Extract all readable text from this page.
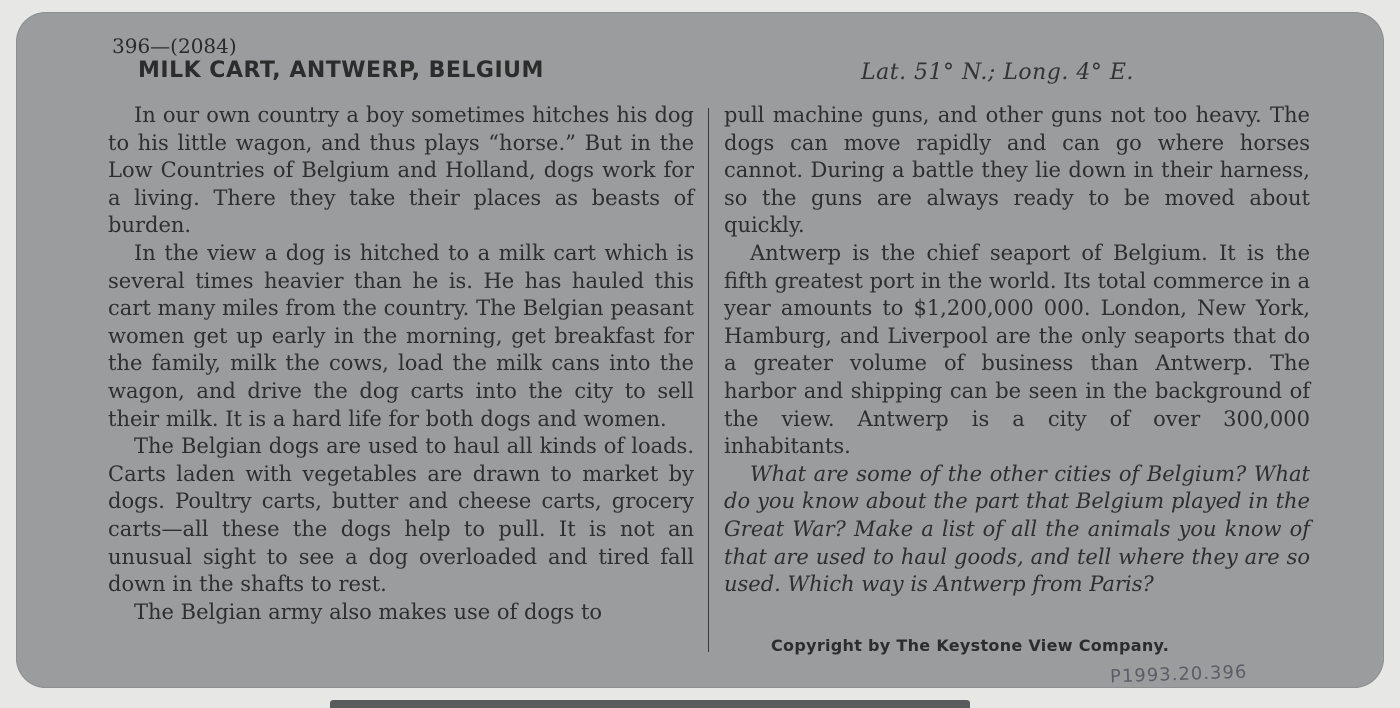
396—(2084)
MILK CART, ANTWERP, BELGIUM	Lat. 51° N.; Long. 4° E.

In our own country a boy sometimes hitches his dog to his little wagon, and thus plays “horse.” But in the Low Countries of Belgium and Holland, dogs work for a living. There they take their places as beasts of burden.

In the view a dog is hitched to a milk cart which is several times heavier than he is. He has hauled this cart many miles from the country. The Belgian peasant women get up early in the morning, get breakfast for the family, milk the cows, load the milk cans into the wagon, and drive the dog carts into the city to sell their milk. It is a hard life for both dogs and women.

The Belgian dogs are used to haul all kinds of loads. Carts laden with vegetables are drawn to market by dogs. Poultry carts, butter and cheese carts, grocery carts—all these the dogs help to pull. It is not an unusual sight to see a dog overloaded and tired fall down in the shafts to rest.

The Belgian army also makes use of dogs to

pull machine guns, and other guns not too heavy. The dogs can move rapidly and can go where horses cannot. During a battle they lie down in their harness, so the guns are always ready to be moved about quickly.

Antwerp is the chief seaport of Belgium. It is the fifth greatest port in the world. Its total commerce in a year amounts to $1,200,000 000. London, New York, Hamburg, and Liverpool are the only seaports that do a greater volume of business than Antwerp. The harbor and shipping can be seen in the background of the view. Antwerp is a city of over 300,000 inhabitants.

What are some of the other cities of Belgium? What do you know about the part that Belgium played in the Great War? Make a list of all the animals you know of that are used to haul goods, and tell where they are so used. Which way is Antwerp from Paris?

Copyright by The Keystone View Company.
P1993.20.396
